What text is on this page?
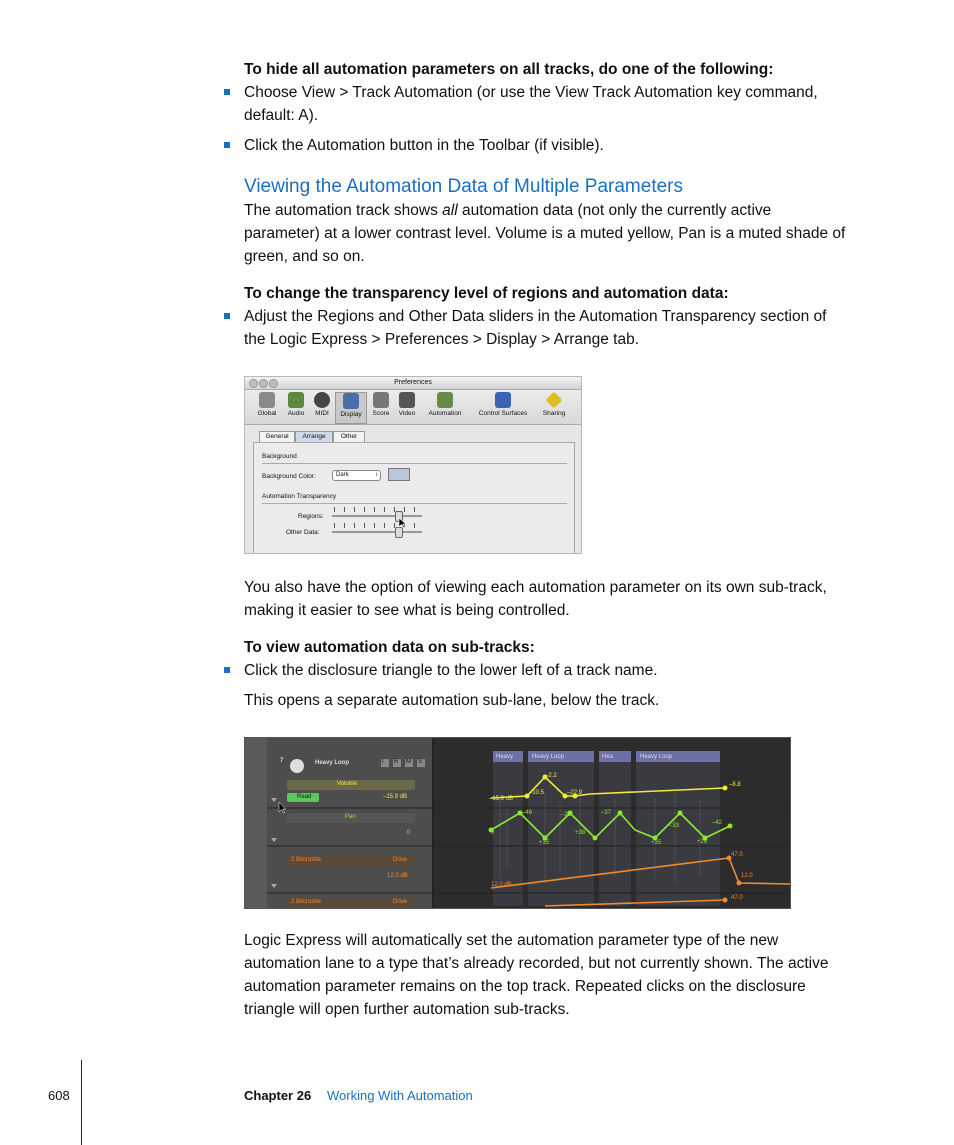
To hide all automation parameters on all tracks, do one of the following:
Choose View > Track Automation (or use the View Track Automation key command,
default: A).
Click the Automation button in the Toolbar (if visible).
Viewing the Automation Data of Multiple Parameters
The automation track shows all automation data (not only the currently active
parameter) at a lower contrast level. Volume is a muted yellow, Pan is a muted shade of
green, and so on.
To change the transparency level of regions and automation data:
Adjust the Regions and Other Data sliders in the Automation Transparency section of
the Logic Express > Preferences > Display > Arrange tab.
Preferences
Global	Audio	MIDI	Display	Score	Video	Automation	Control Surfaces	Sharing
General	Arrange	Other
Background
Background Color:	Dark	↕
Automation Transparency
Regions:
Other Data:
You also have the option of viewing each automation parameter on its own sub-track,
making it easier to see what is being controlled.
To view automation data on sub-tracks:
Click the disclosure triangle to the lower left of a track name.
This opens a separate automation sub-lane, below the track.
7	Heavy Loop	I R M S
Volume
Read	–15.9 dB
Pan
0
2 Bitcrushe	Drive
12.0 dB
2 Bitcrushe	Drive
Heavy	Heavy Loop	Hea	Heavy Loop
–15.9 dB
–10.5
–2.2
–22.9
–8.8
0
–46
+35
–28
+38
–37
+35
–33
+28
–42
12.0 dB
47.0
12.0
47.0
Logic Express will automatically set the automation parameter type of the new
automation lane to a type that’s already recorded, but not currently shown. The active
automation parameter remains on the top track. Repeated clicks on the disclosure
triangle will open further automation sub-tracks.
608	Chapter 26 Working With Automation
